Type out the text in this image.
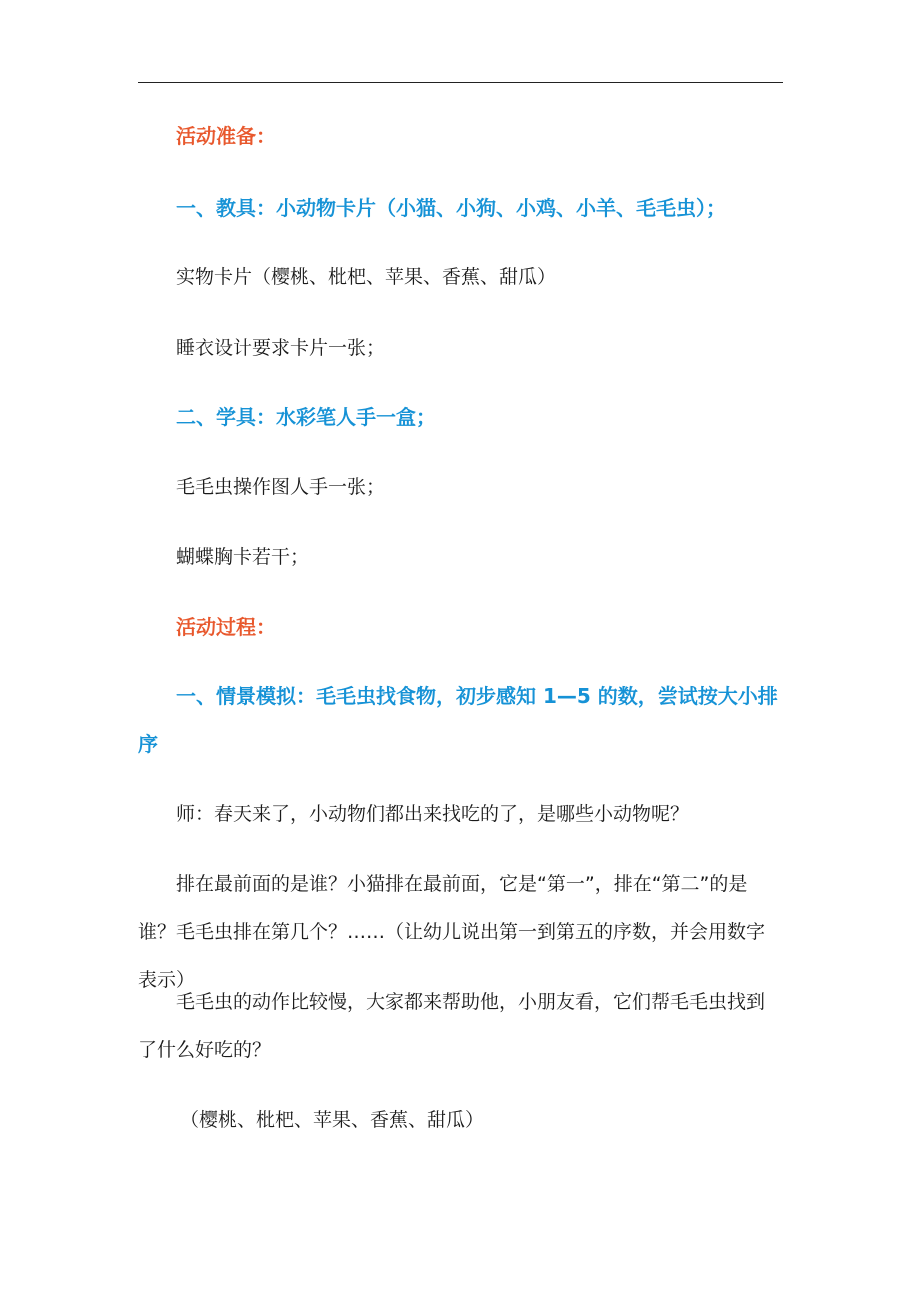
活动准备：
一、教具：小动物卡片（小猫、小狗、小鸡、小羊、毛毛虫）；
实物卡片（樱桃、枇杷、苹果、香蕉、甜瓜）
睡衣设计要求卡片一张；
二、学具：水彩笔人手一盒；
毛毛虫操作图人手一张；
蝴蝶胸卡若干；
活动过程：
一、情景模拟：毛毛虫找食物，初步感知 1—5 的数，尝试按大小排序
师：春天来了，小动物们都出来找吃的了，是哪些小动物呢？
排在最前面的是谁？小猫排在最前面，它是“第一”，排在“第二”的是谁？毛毛虫排在第几个？……（让幼儿说出第一到第五的序数，并会用数字表示）
毛毛虫的动作比较慢，大家都来帮助他，小朋友看，它们帮毛毛虫找到了什么好吃的？
（樱桃、枇杷、苹果、香蕉、甜瓜）
